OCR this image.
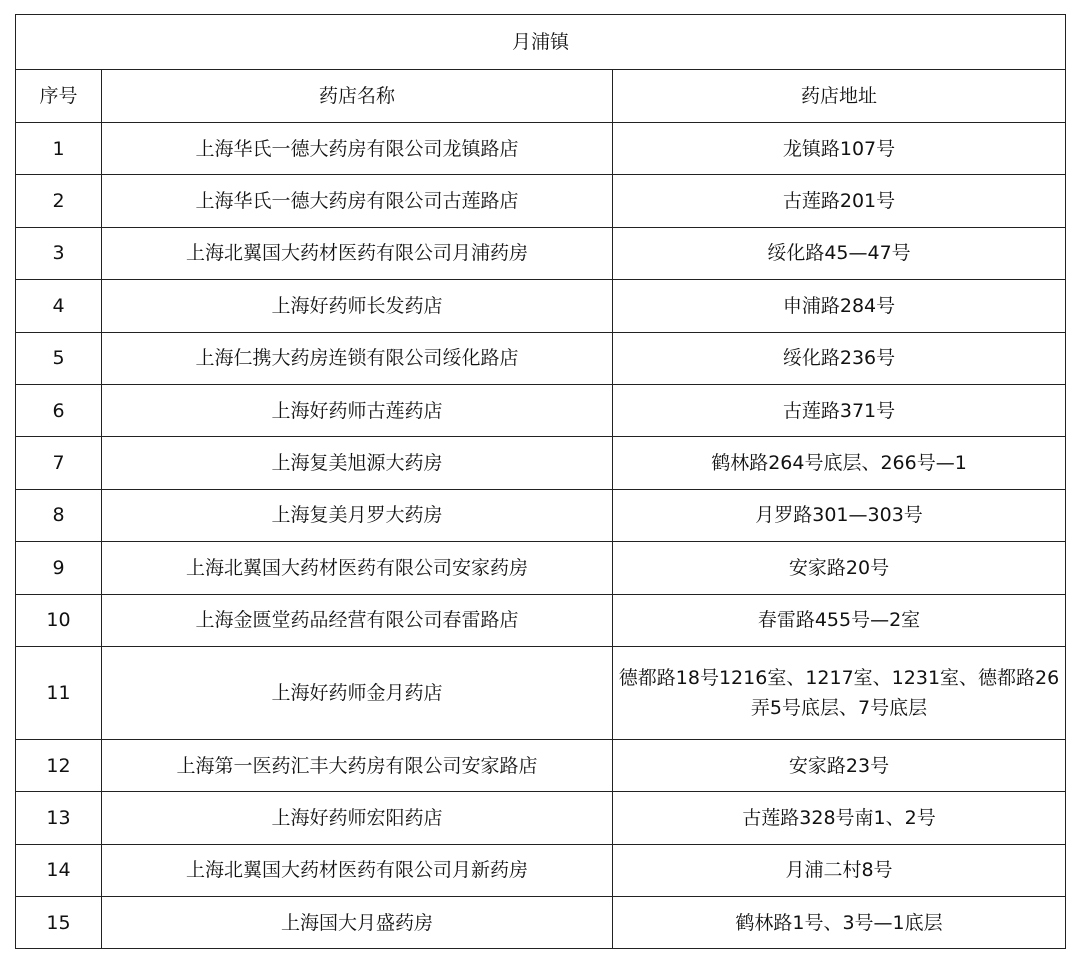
月浦镇		
序号	药店名称	药店地址
1	上海华氏一德大药房有限公司龙镇路店	龙镇路107号
2	上海华氏一德大药房有限公司古莲路店	古莲路201号
3	上海北翼国大药材医药有限公司月浦药房	绥化路45—47号
4	上海好药师长发药店	申浦路284号
5	上海仁携大药房连锁有限公司绥化路店	绥化路236号
6	上海好药师古莲药店	古莲路371号
7	上海复美旭源大药房	鹤林路264号底层、266号—1
8	上海复美月罗大药房	月罗路301—303号
9	上海北翼国大药材医药有限公司安家药房	安家路20号
10	上海金匮堂药品经营有限公司春雷路店	春雷路455号—2室
11	上海好药师金月药店	德都路18号1216室、1217室、1231室、德都路26弄5号底层、7号底层
12	上海第一医药汇丰大药房有限公司安家路店	安家路23号
13	上海好药师宏阳药店	古莲路328号南1、2号
14	上海北翼国大药材医药有限公司月新药房	月浦二村8号
15	上海国大月盛药房	鹤林路1号、3号—1底层
